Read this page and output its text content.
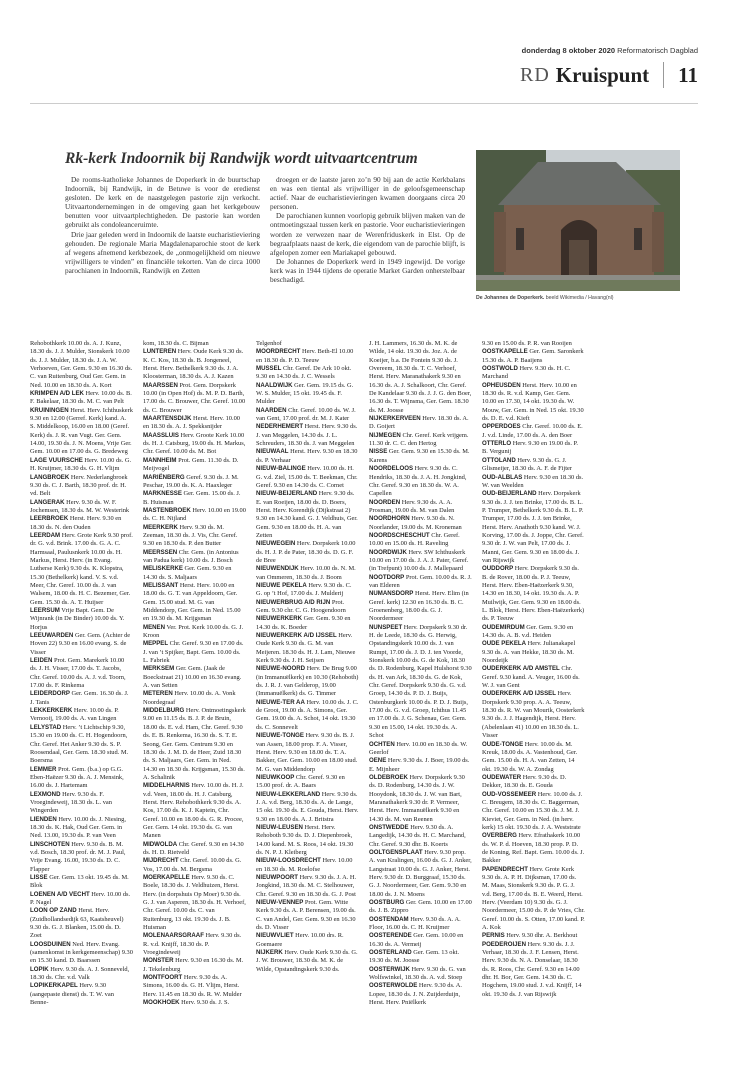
donderdag 8 oktober 2020 Reformatorisch Dagblad
RD Kruispunt 11
Rk-kerk Indoornik bij Randwijk wordt uitvaartcentrum

De rooms-katholieke Johannes de Doperkerk in de buurtschap Indoornik, bij Randwijk, in de Betuwe is voor de eredienst gesloten. De kerk en de naastgelegen pastorie zijn verkocht. Uitvaartondernemingen in de omgeving gaan het kerkgebouw benutten voor uitvaartplechtigheden. De pastorie kan worden gebruikt als condoleanceruimte.

Drie jaar geleden werd in Indoornik de laatste eucharistieviering gehouden. De regionale Maria Magdalenaparochie stoot de kerk af wegens afnemend kerkbezoek, de „onmogelijkheid om nieuwe vrijwilligers te vinden” en financiële tekorten. Van de circa 1000 parochianen in Indoornik, Randwijk en Zetten

droegen er de laatste jaren zo’n 90 bij aan de actie Kerkbalans en was een tiental als vrijwilliger in de geloofsgemeenschap actief. Naar de eucharistievieringen kwamen doorgaans circa 20 personen.

De parochianen kunnen voorlopig gebruik blijven maken van de ontmoetingszaal tussen kerk en pastorie. Voor eucharistievieringen worden ze verwezen naar de Werenfriduskerk in Elst. Op de begraafplaats naast de kerk, die eigendom van de parochie blijft, is afgelopen zomer een Mariakapel gebouwd.

De Johannes de Doperkerk werd in 1949 ingewijd. De vorige kerk was in 1944 tijdens de operatie Market Garden onherstelbaar beschadigd.

De Johannes de Doperkerk. beeld Wikimedia / Havang(nl)

Rehobothkerk 10.00 ds. A. J. Kunz, 18.30 ds. J. J. Mulder, Sionskerk 10.00 ds. J. J. Mulder, 18.30 ds. J. A. W. Verhoeven, Ger. Gem. 9.30 en 16.30 ds. C. van Ruitenburg, Oud Ger. Gem. in Ned. 10.00 en 18.30 ds. A. Kort

KRIMPEN A/D LEK Herv. 10.00 ds. B. F. Bakelaar, 18.30 ds. M. C. van Pelt

KRUININGEN Herst. Herv. Ichthuskerk 9.30 en 12.00 (Gerref. Kerk) kand. A. S. Middelkoop, 16.00 en 18.00 (Geref. Kerk) ds. J. R. van Vugt. Ger. Gem. 14.00, 19.30 ds. J. N. Moens, Vrije Ger. Gem. 10.00 en 17.00 ds. G. Bredeweg

LAGE VUURSCHE Herv. 10.00 ds. G. H. Kruijmer, 18.30 ds. G. H. Vlijm

LANGBROEK Herv. Nederlangbroek 9.30 ds. C. J. Barth, 18.30 prof. dr. H. vd. Belt

LANGERAK Herv. 9.30 ds. W. F. Jochemsen, 18.30 ds. M. W. Westerink

LEERBROEK Herst. Herv. 9.30 en 18.30 ds. N. den Ouden

LEERDAM Herv. Grote Kerk 9.30 prof. dr. G. v.d. Brink. 17.00 ds. G. A. C. Harmsaal, Paulusnkerk 10.00 ds. H. Markus, Herst. Herv. (in Evang. Lutherse Kerk) 9.30 ds. K. Klopstra, 15.30 (Bethelkerk) kand. V. S. v.d. Meer, Chr. Geref. 10.00 ds. J. van Walsem, 18.00 ds. H. C. Bezemer, Ger. Gem. 15.30 ds. A. T. Huijser

LEERSUM Vrije Bapt. Gem. De Wijnrank (in De Binder) 10.00 ds. Y. Horjus

LEEUWARDEN Ger. Gem. (Achter de Hoven 22) 9.30 en 16.00 evang. S. de Visser

LEIDEN Prot. Gem. Marekerk 10.00 ds. J. H. Visser, 17.00 ds. T. Jacobs, Chr. Geref. 10.00 ds. A. J. v.d. Toorn, 17.00 ds. F. Rinkema

LEIDERDORP Ger. Gem. 16.30 ds. J. J. Tanis

LEKKERKERK Herv. 10.00 ds. P. Vernooij, 19.00 ds. A. van Lingen

LELYSTAD Herv. ’t Lichtschip 9.30, 15.30 en 19.00 ds. C. H. Hogendoorn, Chr. Geref. Het Anker 9.30 ds. S. P. Roosendaal, Ger. Gem. 18.30 stud. M. Boersma

LEMMER Prot. Gem. (b.a.) op G.G. Eben-Haëzer 9.30 ds. A. J. Mensink, 16.00 ds. J. Hartemam

LEXMOND Herv. 9.30 ds. F. Vroegindeweij, 18.30 ds. L. van Wingerden

LIENDEN Herv. 10.00 ds. J. Niesing, 18.30 ds. K. Hak, Oud Ger. Gem. in Ned. 13.00, 19.30 ds. P. van Veen

LINSCHOTEN Herv. 9.30 ds. B. M. v.d. Bosch, 18.30 prof. dr. M. J. Paul, Vrije Evang. 16.00, 19.30 ds. D. C. Flapper

LISSE Ger. Gem. 13 okt. 19.45 ds. M. Blok

LOENEN A/D VECHT Herv. 10.00 ds. P. Nagel

LOON OP ZAND Herst. Herv. (Zuidhollandsedijk 63, Kaatsheuvel) 9.30 ds. G. J. Blanken, 15.00 ds. D. Zoet

LOOSDUINEN Ned. Herv. Evang. (samenkomst in kerkgemeenschap) 9.30 en 15.30 kand. D. Baarssen

LOPIK Herv. 9.30 ds. A. J. Sonneveld, 18.30 ds. Chr. v.d. Valk

LOPIKERKAPEL Herv. 9.30 (aangepaste dienst) ds. T. W. van Benne-

kom, 18.30 ds. C. Bijman

LUNTEREN Herv. Oude Kerk 9.30 ds. K. C. Kos, 18.30 ds. B. Jongeneel, Herst. Herv. Bethelkerk 9.30 ds. J. A. Kloosterman, 18.30 ds. A. J. Kazen

MAARSSEN Prot. Gem. Dorpskerk 10.00 (in Open Hof) ds. M. P. D. Barth, 17.00 ds. C. Brouwer, Chr. Geref. 10.00 ds. C. Brouwer

MAARTENSDIJK Herst. Herv. 10.00 en 18.30 ds. A. J. Spekksnijder

MAASSLUIS Herv. Groote Kerk 10.00 ds. H. J. Catsburg, 19.00 ds. H. Markus, Chr. Geref. 10.00 ds. M. Bot

MANNHEIM Prot. Gem. 11.30 ds. D. Meijvogel

MARIËNBERG Geref. 9.30 ds. J. M. Peschar, 19.00 ds. K. A. Haaxleger

MARKNESSE Ger. Gem. 15.00 ds. J. B. Huisman

MASTENBROEK Herv. 10.00 en 19.00 ds. C. H. Nijland

MEERKERK Herv. 9.30 ds. M. Zeeman, 18.30 ds. J. Vis, Chr. Geref. 9.30 en 18.30 ds. P. den Butter

MEERSSEN Chr. Gem. (in Antonius van Padua kerk) 10.00 ds. J. Bosch

MELISKERKE Ger. Gem. 9.30 en 14.30 ds. S. Maljaars

MELISSANT Herst. Herv. 10.00 en 18.00 ds. G. T. van Appeldoorn, Ger. Gem. 15.00 stud. M. G. van Middendorp, Ger. Gem. in Ned. 15.00 en 19.30 ds. M. Krijgsman

MENEN Ver. Prot. Kerk 10.00 ds. G. J. Kroon

MEPPEL Chr. Geref. 9.30 en 17.00 ds. J. van ’t Spijker, Bapt. Gem. 10.00 ds. L. Fabriek

MERKSEM Ger. Gem. (Jaak de Boeckstraat 21) 10.00 en 16.30 evang. A. van Setten

METEREN Herv. 10.00 ds. A. Vonk Noordegraaf

MIDDELBURG Herv. Ontmoetingskerk 9.00 en 11.15 ds. B. J. P. de Bruin, 18.00 ds. E. v.d. Ham, Chr. Geref. 9.30 ds. E. B. Renkema, 16.30 ds. S. T. E. Seong, Ger. Gem. Centrum 9.30 en 18.30 ds. J. M. D. de Heer, Zuid 18.30 ds. S. Maljaars, Ger. Gem. in Ned. 14.30 en 18.30 ds. Krijgsman, 15.30 ds. A. Schalinik

MIDDELHARNIS Herv. 10.00 ds. H. J. v.d. Veen, 18.00 ds. H. J. Catsburg, Herst. Herv. Rehobothkerk 9.30 ds. A. Kos, 17.00 ds. K. J. Kaptein, Chr. Geref. 10.00 en 18.00 ds. G. R. Procee, Ger. Gem. 14 okt. 19.30 ds. G. van Manen

MIDWOLDA Chr. Geref. 9.30 en 14.30 ds. H. D. Rietveld

MIJDRECHT Chr. Geref. 10.00 ds. G. Vos, 17.00 ds. M. Bergsma

MOERKAPELLE Herv. 9.30 ds. C. Boele, 18.30 ds. J. Veldhuizen, Herst. Herv. (in dorpshuis Op Moer) 9.30 ds. G. J. van Asperen, 18.30 ds. H. Verhoef, Chr. Geref. 10.00 ds. C. van Ruitenburg, 13 okt. 19.30 ds. J. B. Huisman

MOLENAARSGRAAF Herv. 9.30 ds. R. v.d. Knijff, 18.30 ds. P. Vroegindeweij

MONSTER Herv. 9.30 en 16.30 ds. M. J. Tekelenburg

MONTFOORT Herv. 9.30 ds. A. Simons, 16.00 ds. G. H. Vlijm, Herst. Herv. 11.45 en 18.30 ds. R. W. Mulder

MOOKHOEK Herv. 9.30 ds. J. S.

Telgenhof

MOORDRECHT Herv. Beth-El 10.00 en 18.30 ds. P. D. Teeuw

MUSSEL Chr. Geref. De Ark 10 okt. 9.30 en 14.30 ds. J. C. Wessels

NAALDWIJK Ger. Gem. 19.15 ds. G. W. S. Mulder, 15 okt. 19.45 ds. F. Mulder

NAARDEN Chr. Geref. 10.00 ds. W. J. van Gent, 17.00 prof. dr. M. J. Kater

NEDERHEMERT Herst. Herv. 9.30 ds. J. van Meggelen, 14.30 ds. J. L. Schreuders, 18.30 ds. J. van Meggelen

NIEUWAAL Herst. Herv. 9.30 en 18.30 ds. P. Verhaar

NIEUW-BALINGE Herv. 10.00 ds. H. G. v.d. Ziel, 15.00 ds. T. Beekman, Chr. Geref. 9.30 en 14.30 ds. C. Cornet

NIEUW-BEIJERLAND Herv. 9.30 ds. E. van Roeijen, 18.00 ds. D. Boers, Herst. Herv. Korendijk (Dijkstraat 2) 9.30 en 14.30 kand. G. J. Veldhuis, Ger. Gem. 9.30 en 18.00 ds. H. A. van Zetten

NIEUWEGEIN Herv. Dorpskerk 10.00 ds. H. J. P. de Pater, 18.30 ds. D. G. F. de Bree

NIEUWENDIJK Herv. 10.00 ds. N. M. van Ommeren, 18.30 ds. J. Boom

NIEUWE PEKELA Herv. 9.30 ds. C. G. op ’t Hof, 17.00 ds. J. Mulderij

NIEUWERBRUG A/D RIJN Prot. Gem. 9.30 chr. C. G. Hoogendoorn

NIEUWERKERK Ger. Gem. 9.30 en 14.30 ds. K. Boeder

NIEUWERKERK A/D IJSSEL Herv. Oude Kerk 9.30 ds. G. M. van Meijeren. 18.30 ds. H. J. Lam, Nieuwe Kerk 9.30 ds. J. H. Seijsen

NIEUWE-NOORD Herv. De Brug 9.00 (in Immanuëlkerk) en 10.30 (Rehoboth) ds. J. R. J. van Gelderop, 19.00 (Immanuëlkerk) ds. G. Timmer

NIEUWE-TER AA Herv. 10.00 ds. J. C. de Groot, 19.00 ds. A. Simons, Ger. Gem. 19.00 ds. A. Schot, 14 okt. 19.30 ds. C. Sonnevelt

NIEUWE-TONGE Herv. 9.30 ds. B. J. van Assen, 18.00 prop. F. A. Visser, Herst. Herv. 9.30 en 18.00 ds. T. A. Bakker, Ger. Gem. 10.00 en 18.00 stud. M. G. van Middendorp

NIEUWKOOP Chr. Geref. 9.30 en 15.00 prof. dr. A. Baars

NIEUW-LEKKERLAND Herv. 9.30 ds. J. A. v.d. Berg, 18.30 ds. A. de Lange, 15 okt. 19.30 ds. E. Gouda, Herst. Herv. 9.30 en 18.00 ds. A. J. Britstra

NIEUW-LEUSEN Herst. Herv. Rehoboth 9.30 ds. D. J. Diepenbroek, 14.00 kand. M. S. Roos, 14 okt. 19.30 ds. N. P. J. Kleiberg

NIEUW-LOOSDRECHT Herv. 10.00 en 18.30 ds. M. Roelofse

NIEUWPOORT Herv. 9.30 ds. J. A. H. Jongkind, 18.30 ds. M. C. Stelhouwer, Chr. Geref. 9.30 en 18.30 ds. G. J. Post

NIEUW-VENNEP Prot. Gem. Witte Kerk 9.30 ds. A. P. Berensen, 19.00 ds. C. van Andel, Ger. Gem. 9.30 en 16.30 ds. D. Visser

NIEUWVLIET Herv. 10.00 drs. R. Goemaere

NIJKERK Herv. Oude Kerk 9.30 ds. G. J. W. Brouwer, 18.30 ds. M. K. de Wilde, Opstandingskerk 9.30 ds.

J. H. Lammers, 16.30 ds. M. K. de Wilde, 14 okt. 19.30 ds. Joz. A. de Koeijer, b.a. De Fontein 9.30 ds. J. Overeem, 18.30 ds. T. C. Verhoef, Herst. Herv. Maranathakerk 9.30 en 16.30 ds. A. J. Schalkoort, Chr. Geref. De Kandelaar 9.30 ds. J. J. G. den Boer, 16.30 ds. T. Wijnsma, Ger. Gem. 18.30 ds. M. Joosse

NIJKERKERVEEN Herv. 18.30 ds. A. D. Goijert

NIJMEGEN Chr. Geref. Kerk vrijgem. 11.30 dr. C. C. den Hertog

NISSE Ger. Gem. 9.30 en 15.30 ds. M. Karens

NOORDELOOS Herv. 9.30 ds. C. Hendriks, 18.30 ds. J. A. H. Jongkind, Chr. Geref. 9.30 en 18.30 ds. W. A. Capellen

NOORDEN Herv. 9.30 ds. A. A. Prosman, 19.00 ds. M. van Dalen

NOORDHORN Herv. 9.30 ds. N. Noorlander, 19.00 ds. M. Kroneman

NOORDSCHESCHUT Chr. Geref. 10.00 en 15.00 ds. H. Raveling

NOORDWIJK Herv. SW Ichthuskerk 10.00 en 17.00 ds. J. A. J. Pater, Geref. (in Trefpunt) 10.00 ds. J. Mallepaard

NOOTDORP Prot. Gem. 10.00 ds. R. J. van Elderen

NUMANSDORP Herst. Herv. Elim (in Geref. kerk) 12.30 en 16.30 ds. B. C. Groenenberg, 18.00 ds. G. J. Noordermeer

NUNSPEET Herv. Dorpskerk 9.30 dr. H. de Leede, 18.30 ds. G. Herwig, Opstandingskerk 10.00 ds. J. van Rumpt, 17.00 ds. J. D. J. ten Voorde, Sionskerk 10.00 ds. G. de Kok, 18.30 ds. D. Rodenburg, Kapel Hulshorst 9.30 ds. H. van Ark, 18.30 ds. G. de Kok, Chr. Geref. Dorpskerk 9.30 ds. G. v.d. Groep, 14.30 ds. P. D. J. Buijs, Ostenburgkerk 10.00 ds. P. D. J. Buijs, 17.00 ds. G. v.d. Groep, Ichthus 11.45 en 17.00 ds. J. G. Schenau, Ger. Gem. 9.30 en 15.00, 14 okt. 19.30 ds. A. Schot

OCHTEN Herv. 10.00 en 18.30 ds. W. Geerlof

OENE Herv. 9.30 ds. J. Boer, 19.00 ds. E. Mijnheer

OLDEBROEK Herv. Dorpskerk 9.30 ds. D. Rodenburg, 14.30 ds. J. W. Hooydonk, 18.30 ds. J. W. van Bart, Maranathakerk 9.30 dr. P. Vermeer, Herst. Herv. Immanuëlkerk 9.30 en 14.30 ds. M. van Reenen

ONSTWEDDE Herv. 9.30 ds. A. Langedijk, 14.30 ds. H. C. Marchand, Chr. Geref. 9.30 dhr. B. Koerts

OOLTGENSPLAAT Herv. 9.30 prop. A. van Kralingen, 16.00 ds. G. J. Anker, Langstraat 10.00 ds. G. J. Anker, Herst. Herv. 9.30 dr. D. Burggraaf, 15.30 ds. G. J. Noordermeer, Ger. Gem. 9.30 en 18.00 ds. J. N. Moens

OOSTBURG Ger. Gem. 10.00 en 17.00 ds. J. B. Zippro

OOSTENDAM Herv. 9.30 ds. A. A. Floor, 16.00 ds. C. H. Kruijmer

OOSTERENDE Ger. Gem. 10.00 en 16.30 ds. A. Vermeij

OOSTERLAND Ger. Gem. 13 okt. 19.30 ds. M. Joosse

OOSTERWIJK Herv. 9.30 ds. G. van Wolfswinkel, 18.30 ds. A. v.d. Stoep

OOSTERWOLDE Herv. 9.30 ds. A. Lopee, 18.30 ds. J. N. Zuijderduijn, Herst. Herv. Pniëlkerk

9.30 en 15.00 ds. P. R. van Rooijen

OOSTKAPELLE Ger. Gem. Saronkerk 15.30 ds. A. P. Baaijens

OOSTWOLD Herv. 9.30 ds. H. C. Marchand

OPHEUSDEN Herst. Herv. 10.00 en 18.30 ds. R. v.d. Kamp, Ger. Gem. 10.00 en 17.30, 14 okt. 19.30 ds. W. Mouw, Ger. Gem. in Ned. 15 okt. 19.30 ds. D. E. v.d. Kieft

OPPERDOES Chr. Geref. 10.00 ds. E. J. v.d. Linde, 17.00 ds. A. den Boer

OTTERLO Herv. 9.30 en 19.00 ds. P. B. Vergunij

OTTOLAND Herv. 9.30 ds. G. J. Glismeijer, 18.30 ds. A. F. de Fijter

OUD-ALBLAS Herv. 9.30 en 18.30 ds. W. van Weelden

OUD-BEIJERLAND Herv. Dorpskerk 9.30 ds. J. J. ten Brinke, 17.00 ds. B. L. P. Trumper, Bethelkerk 9.30 ds. B. L. P. Trumper, 17.00 ds. J. J. ten Brinke, Herst. Herv. Anathoth 9.30 kand. W. J. Korving, 17.00 ds. J. Joppe, Chr. Geref. 9.30 dr. J. W. van Pelt, 17.00 ds. J. Manni, Ger. Gem. 9.30 en 18.00 ds. J. van Rijswijk

OUDDORP Herv. Dorpskerk 9.30 ds. B. de Rover, 18.00 ds. P. J. Teeuw, Herst. Herv. Eben-Haëzerkerk 9.30, 14.30 en 18.30, 14 okt. 19.30 ds. A. P. Muilwijk, Ger. Gem. 9.30 en 18.00 ds. L. Blok, Herst. Herv. Eben-Haëzerkerk) ds. P. Teeuw

OUDEMIRDUM Ger. Gem. 9.30 en 14.30 ds. A. B. v.d. Heiden

OUDE PEKELA Herv. Julianakapel 9.30 ds. A. van Hekke, 18.30 ds. M. Noordeijk

OUDERKERK A/D AMSTEL Chr. Geref. 9.30 kand. A. Veuger, 16.00 ds. W. J. van Gent

OUDERKERK A/D IJSSEL Herv. Dorpskerk 9.30 prop. A. A. Teeuw, 18.30 ds. R. W. van Mourik, Oosterkerk 9.30 ds. J. J. Hagendijk, Herst. Herv. (Abelenlaan 41) 10.00 en 18.30 ds. L. Visser

OUDE-TONGE Herv. 10.00 ds. M. Kreuk, 18.00 ds. A. Vastenhoud, Ger. Gem. 15.00 ds. H. A. van Zetten, 14 okt. 19.30 ds. W. A. Zondag

OUDEWATER Herv. 9.30 ds. D. Dekker, 18.30 ds. E. Gouda

OUD-VOSSEMEER Herv. 10.00 ds. J. C. Breugem, 18.30 ds. C. Baggerman, Chr. Geref. 10.00 en 15.30 ds. J. M. J. Kieviet, Ger. Gem. in Ned. (in herv. kerk) 15 okt. 19.30 ds. J. A. Weststrate

OVERBERG Herv. Efrathakerk 10.00 ds. W. P. d. Hoeven, 18.30 prop. P. D. de Koning, Ref. Bapt. Gem. 10.00 ds. J. Bakker

PAPENDRECHT Herv. Grote Kerk 9.30 ds. A. P. H. Dijksman, 17.00 ds. M. Maas, Sionskerk 9.30 ds. P. G. J. v.d. Berg, 17.00 ds. B. E. Weerd, Herst. Herv. (Veerdam 10) 9.30 ds. G. J. Noordermeer, 15.00 ds. P. de Vries, Chr. Geref. 10.00 ds. S. Otten, 17.00 kand. P. A. Kok

PERNIS Herv. 9.30 dhr. A. Berkhout

POEDEROIJEN Herv. 9.30 ds. J. J. Verhaar, 18.30 ds. J. F. Lensen, Herst. Herv. 9.30 ds. N. A. Donselaar, 18.30 ds. R. Roos, Chr. Geref. 9.30 en 14.00 dhr. H. Bor, Ger. Gem. 14.30 ds. C. Hogchem, 19.00 stud. J. v.d. Knijff, 14 okt. 19.30 ds. J. van Rijswijk
